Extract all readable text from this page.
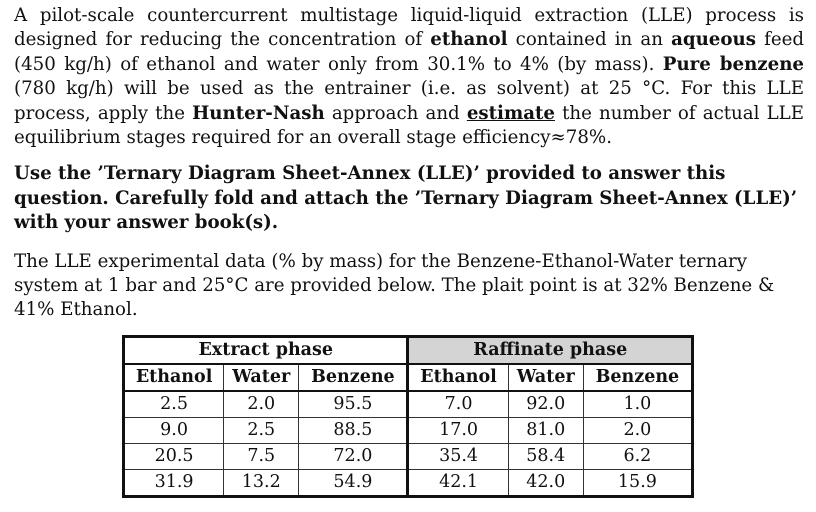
A pilot-scale countercurrent multistage liquid-liquid extraction (LLE) process is designed for reducing the concentration of ethanol contained in an aqueous feed (450 kg/h) of ethanol and water only from 30.1% to 4% (by mass). Pure benzene (780 kg/h) will be used as the entrainer (i.e. as solvent) at 25 °C. For this LLE process, apply the Hunter-Nash approach and estimate the number of actual LLE equilibrium stages required for an overall stage efficiency≈78%.

Use the ’Ternary Diagram Sheet-Annex (LLE)’ provided to answer this question. Carefully fold and attach the ’Ternary Diagram Sheet-Annex (LLE)’ with your answer book(s).

The LLE experimental data (% by mass) for the Benzene-Ethanol-Water ternary system at 1 bar and 25°C are provided below. The plait point is at 32% Benzene & 41% Ethanol.

Extract phase			Raffinate phase		
Ethanol	Water	Benzene	Ethanol	Water	Benzene
2.5	2.0	95.5	7.0	92.0	1.0
9.0	2.5	88.5	17.0	81.0	2.0
20.5	7.5	72.0	35.4	58.4	6.2
31.9	13.2	54.9	42.1	42.0	15.9
